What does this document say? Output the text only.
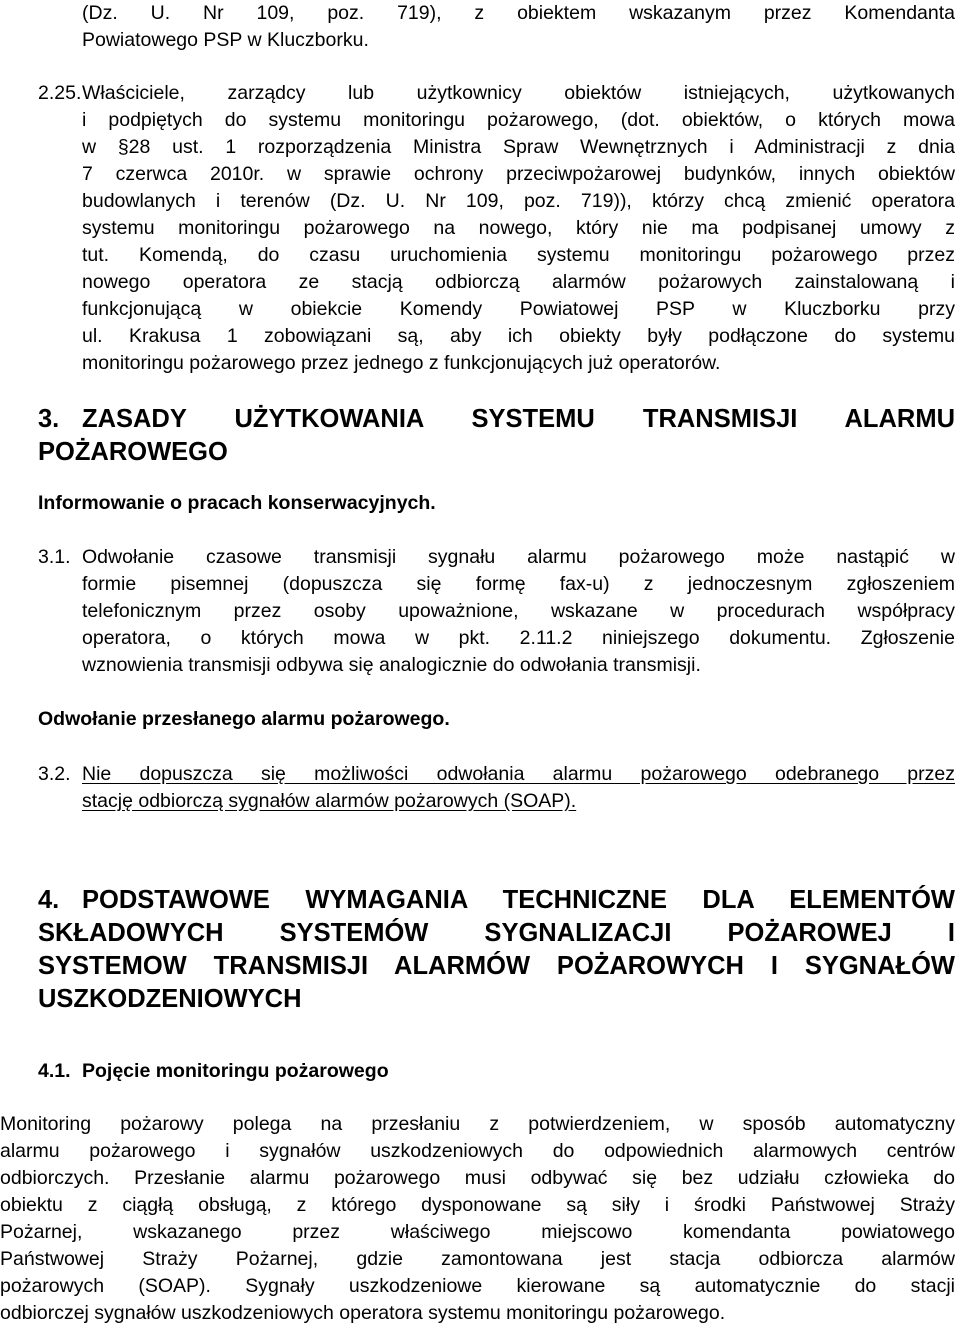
(Dz. U. Nr 109, poz. 719), z obiektem wskazanym przez Komendanta
Powiatowego PSP w Kluczborku.
2.25. Właściciele, zarządcy lub użytkownicy obiektów istniejących, użytkowanych
i podpiętych do systemu monitoringu pożarowego, (dot. obiektów, o których mowa
w §28 ust. 1 rozporządzenia Ministra Spraw Wewnętrznych i Administracji z dnia
7 czerwca 2010r. w sprawie ochrony przeciwpożarowej budynków, innych obiektów
budowlanych i terenów (Dz. U. Nr 109, poz. 719)), którzy chcą zmienić operatora
systemu monitoringu pożarowego na nowego, który nie ma podpisanej umowy z
tut. Komendą, do czasu uruchomienia systemu monitoringu pożarowego przez
nowego operatora ze stacją odbiorczą alarmów pożarowych zainstalowaną i
funkcjonującą w obiekcie Komendy Powiatowej PSP w Kluczborku przy
ul. Krakusa 1 zobowiązani są, aby ich obiekty były podłączone do systemu
monitoringu pożarowego przez jednego z funkcjonujących już operatorów.
3. ZASADY UŻYTKOWANIA SYSTEMU TRANSMISJI ALARMU
POŻAROWEGO
Informowanie o pracach konserwacyjnych.
3.1. Odwołanie czasowe transmisji sygnału alarmu pożarowego może nastąpić w
formie pisemnej (dopuszcza się formę fax-u) z jednoczesnym zgłoszeniem
telefonicznym przez osoby upoważnione, wskazane w procedurach współpracy
operatora, o których mowa w pkt. 2.11.2 niniejszego dokumentu. Zgłoszenie
wznowienia transmisji odbywa się analogicznie do odwołania transmisji.
Odwołanie przesłanego alarmu pożarowego.
3.2. Nie dopuszcza się możliwości odwołania alarmu pożarowego odebranego przez
stację odbiorczą sygnałów alarmów pożarowych (SOAP).
4. PODSTAWOWE WYMAGANIA TECHNICZNE DLA ELEMENTÓW
SKŁADOWYCH SYSTEMÓW SYGNALIZACJI POŻAROWEJ I
SYSTEMOW TRANSMISJI ALARMÓW POŻAROWYCH I SYGNAŁÓW
USZKODZENIOWYCH
4.1. Pojęcie monitoringu pożarowego
Monitoring pożarowy polega na przesłaniu z potwierdzeniem, w sposób automatyczny
alarmu pożarowego i sygnałów uszkodzeniowych do odpowiednich alarmowych centrów
odbiorczych. Przesłanie alarmu pożarowego musi odbywać się bez udziału człowieka do
obiektu z ciągłą obsługą, z którego dysponowane są siły i środki Państwowej Straży
Pożarnej, wskazanego przez właściwego miejscowo komendanta powiatowego
Państwowej Straży Pożarnej, gdzie zamontowana jest stacja odbiorcza alarmów
pożarowych (SOAP). Sygnały uszkodzeniowe kierowane są automatycznie do stacji
odbiorczej sygnałów uszkodzeniowych operatora systemu monitoringu pożarowego.
